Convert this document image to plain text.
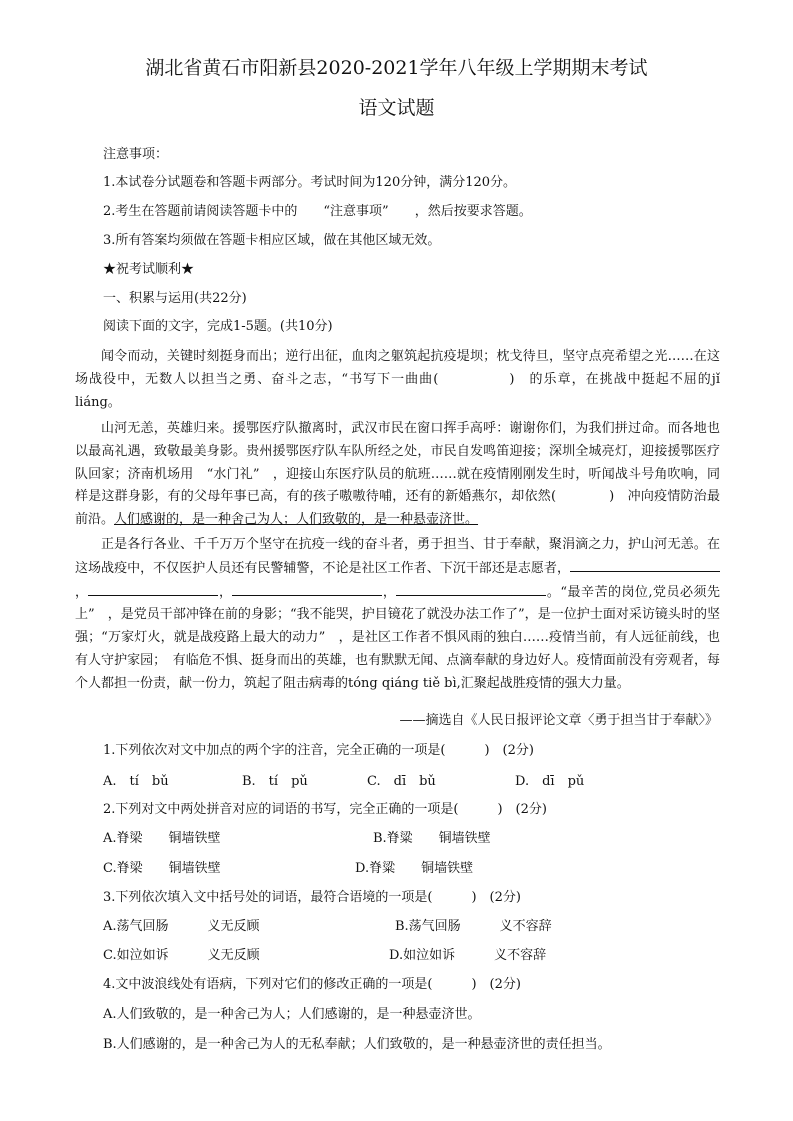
湖北省黄石市阳新县2020-2021学年八年级上学期期末考试
语文试题
注意事项：
1.本试卷分试题卷和答题卡两部分。考试时间为120分钟，满分120分。
2.考生在答题前请阅读答题卡中的　　“注意事项”　　，然后按要求答题。
3.所有答案均须做在答题卡相应区域，做在其他区域无效。
★祝考试顺利★
一、积累与运用(共22分)
阅读下面的文字，完成1-5题。(共10分)

闻令而动，关键时刻挺身而出；逆行出征，血肉之躯筑起抗疫堤坝；枕戈待旦，坚守点亮希望之光……在这场战役中，无数人以担当之勇、奋斗之志，“书写下一曲曲(　　　　　)　的乐章，在挑战中挺起不屈的jǐ liáng。

山河无恙，英雄归来。援鄂医疗队撤离时，武汉市民在窗口挥手高呼：谢谢你们，为我们拼过命。而各地也以最高礼遇，致敬最美身影。贵州援鄂医疗队车队所经之处，市民自发鸣笛迎接；深圳全城亮灯，迎接援鄂医疗队回家；济南机场用　“水门礼”　，迎接山东医疗队员的航班……就在疫情刚刚发生时，听闻战斗号角吹响，同样是这群身影，有的父母年事已高，有的孩子嗷嗷待哺，还有的新婚燕尔，却依然(　　　　)　冲向疫情防治最前沿。人们感谢的，是一种舍己为人；人们致敬的，是一种悬壶济世。

正是各行各业、千千万万个坚守在抗疫一线的奋斗者，勇于担当、甘于奉献，聚涓滴之力，护山河无恙。在这场战疫中，不仅医护人员还有民警辅警，不论是社区工作者、下沉干部还是志愿者，，	，	，	。“最辛苦的岗位,党员必须先上”　，是党员干部冲锋在前的身影；“我不能哭，护目镜花了就没办法工作了”，是一位护士面对采访镜头时的坚强；“万家灯火，就是战疫路上最大的动力”　，是社区工作者不惧风雨的独白……疫情当前，有人远征前线，也有人守护家园；　有临危不惧、挺身而出的英雄，也有默默无闻、点滴奉献的身边好人。疫情面前没有旁观者，每个人都担一份责，献一份力，筑起了阻击病毒的tóng qiáng tiě bì,汇聚起战胜疫情的强大力量。

——摘选自《人民日报评论文章〈勇于担当甘于奉献〉》
1.下列依次对文中加点的两个字的注音，完全正确的一项是(　　　)　(2分)
A.　tí　bǔ	B.　tí　pǔ	C.　dī　bǔ	D.　dī　pǔ
2.下列对文中两处拼音对应的词语的书写，完全正确的一项是(　　　)　(2分)
A.脊梁　　铜墙铁壁	B.脊粱　　铜墙铁壁
C.脊梁　　铜墙铁壁	D.脊粱　　铜墙铁壁
3.下列依次填入文中括号处的词语，最符合语境的一项是(　　　)　(2分)
A.荡气回肠　　　义无反顾	B.荡气回肠　　　义不容辞
C.如泣如诉　　　义无反顾	D.如泣如诉　　　义不容辞
4.文中波浪线处有语病，下列对它们的修改正确的一项是(　　　)　(2分)
A.人们致敬的，是一种舍己为人；人们感谢的，是一种悬壶济世。
B.人们感谢的，是一种舍己为人的无私奉献；人们致敬的，是一种悬壶济世的责任担当。
